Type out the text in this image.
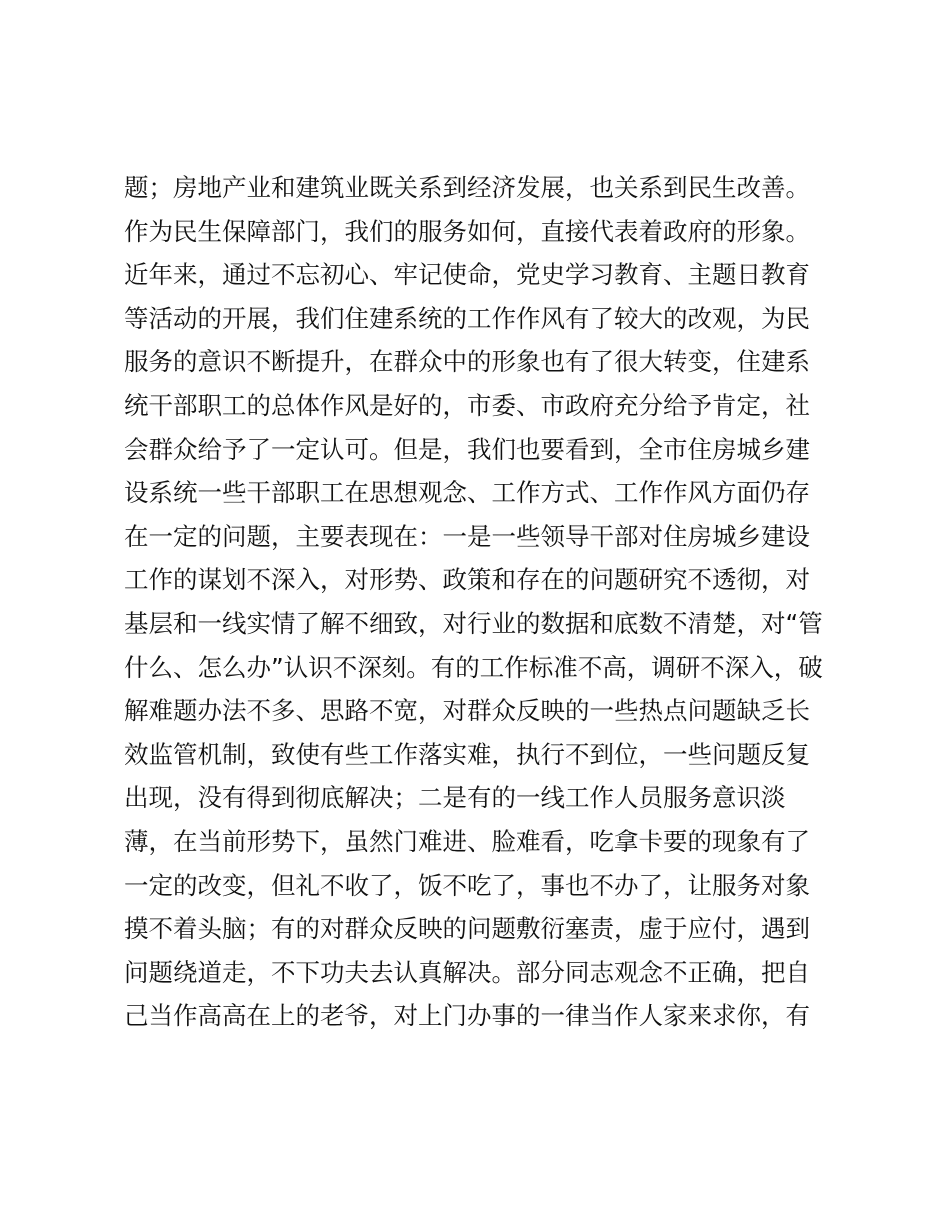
题；房地产业和建筑业既关系到经济发展，也关系到民生改善。
作为民生保障部门，我们的服务如何，直接代表着政府的形象。
近年来，通过不忘初心、牢记使命，党史学习教育、主题日教育
等活动的开展，我们住建系统的工作作风有了较大的改观，为民
服务的意识不断提升，在群众中的形象也有了很大转变，住建系
统干部职工的总体作风是好的，市委、市政府充分给予肯定，社
会群众给予了一定认可。但是，我们也要看到，全市住房城乡建
设系统一些干部职工在思想观念、工作方式、工作作风方面仍存
在一定的问题，主要表现在：一是一些领导干部对住房城乡建设
工作的谋划不深入，对形势、政策和存在的问题研究不透彻，对
基层和一线实情了解不细致，对行业的数据和底数不清楚，对“管
什么、怎么办”认识不深刻。有的工作标准不高，调研不深入，破
解难题办法不多、思路不宽，对群众反映的一些热点问题缺乏长
效监管机制，致使有些工作落实难，执行不到位，一些问题反复
出现，没有得到彻底解决；二是有的一线工作人员服务意识淡
薄，在当前形势下，虽然门难进、脸难看，吃拿卡要的现象有了
一定的改变，但礼不收了，饭不吃了，事也不办了，让服务对象
摸不着头脑；有的对群众反映的问题敷衍塞责，虚于应付，遇到
问题绕道走，不下功夫去认真解决。部分同志观念不正确，把自
己当作高高在上的老爷，对上门办事的一律当作人家来求你，有
